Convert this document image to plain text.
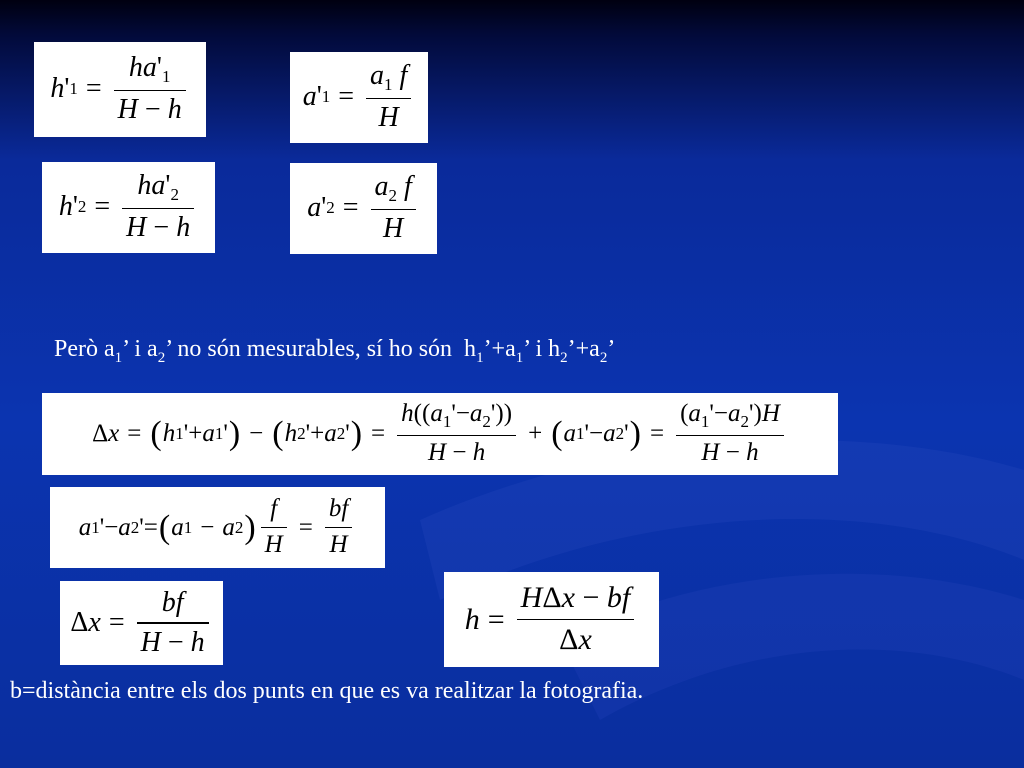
h ' $1 = \frac{ha'_1}{H - h}$	a ' $1 = \frac{a_1 f}{H}$
h ' $2 = \frac{ha'_2}{H - h}$	a ' $2 = \frac{a_2 f}{H}$
Però $a_1$’ i $a_2$’ no són mesurables, sí ho són  $h_1’+a_1$’ i $h_2’+a_2$’
Δ x = ( h 1 '+ a 1 ' ) − ( h 2 '+ a 2 ' ) = $\frac{h((a_1'-a_2'))}{H - h}$ + ( a 1 '− a 2 ' ) = $\frac{(a_1'-a_2')H}{H - h}$
a 1 '− a 2 '= ( a 1 − a 2 ) $\frac{f}{H} = \frac{bf}{H}$
Δ $x = \frac{bf}{H - h}$	$h = \frac{\text{HΔx − bf}}{\Delta x}$
b=distància entre els dos punts en que es va realitzar la fotografia.
